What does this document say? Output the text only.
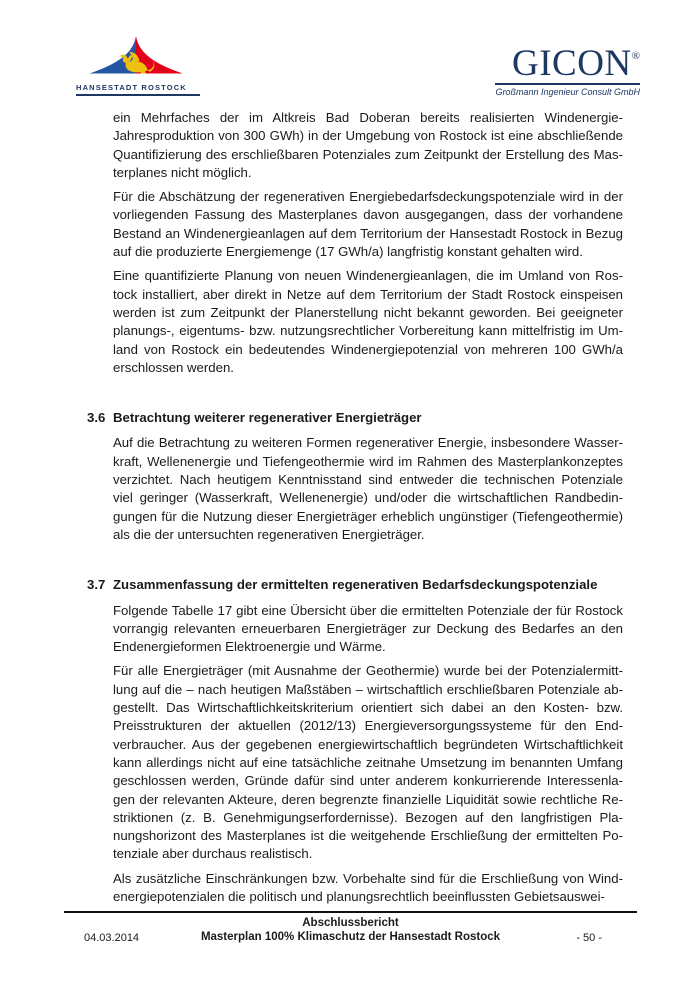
HANSESTADT ROSTOCK
GICON®
Großmann Ingenieur Consult GmbH
ein Mehrfaches der im Altkreis Bad Doberan bereits realisierten Windenergie-
Jahresproduktion von 300 GWh) in der Umgebung von Rostock ist eine abschließende
Quantifizierung des erschließbaren Potenziales zum Zeitpunkt der Erstellung des Mas-
terplanes nicht möglich.
Für die Abschätzung der regenerativen Energiebedarfsdeckungspotenziale wird in der
vorliegenden Fassung des Masterplanes davon ausgegangen, dass der vorhandene
Bestand an Windenergieanlagen auf dem Territorium der Hansestadt Rostock in Bezug
auf die produzierte Energiemenge (17 GWh/a) langfristig konstant gehalten wird.
Eine quantifizierte Planung von neuen Windenergieanlagen, die im Umland von Ros-
tock installiert, aber direkt in Netze auf dem Territorium der Stadt Rostock einspeisen
werden ist zum Zeitpunkt der Planerstellung nicht bekannt geworden. Bei geeigneter
planungs-, eigentums- bzw. nutzungsrechtlicher Vorbereitung kann mittelfristig im Um-
land von Rostock ein bedeutendes Windenergiepotenzial von mehreren 100 GWh/a
erschlossen werden.
3.6 Betrachtung weiterer regenerativer Energieträger
Auf die Betrachtung zu weiteren Formen regenerativer Energie, insbesondere Wasser-
kraft, Wellenenergie und Tiefengeothermie wird im Rahmen des Masterplankonzeptes
verzichtet. Nach heutigem Kenntnisstand sind entweder die technischen Potenziale
viel geringer (Wasserkraft, Wellenenergie) und/oder die wirtschaftlichen Randbedin-
gungen für die Nutzung dieser Energieträger erheblich ungünstiger (Tiefengeothermie)
als die der untersuchten regenerativen Energieträger.
3.7 Zusammenfassung der ermittelten regenerativen Bedarfsdeckungspotenziale
Folgende Tabelle 17 gibt eine Übersicht über die ermittelten Potenziale der für Rostock
vorrangig relevanten erneuerbaren Energieträger zur Deckung des Bedarfes an den
Endenergieformen Elektroenergie und Wärme.
Für alle Energieträger (mit Ausnahme der Geothermie) wurde bei der Potenzialermitt-
lung auf die – nach heutigen Maßstäben – wirtschaftlich erschließbaren Potenziale ab-
gestellt. Das Wirtschaftlichkeitskriterium orientiert sich dabei an den Kosten- bzw.
Preisstrukturen der aktuellen (2012/13) Energieversorgungssysteme für den End-
verbraucher. Aus der gegebenen energiewirtschaftlich begründeten Wirtschaftlichkeit
kann allerdings nicht auf eine tatsächliche zeitnahe Umsetzung im benannten Umfang
geschlossen werden, Gründe dafür sind unter anderem konkurrierende Interessenla-
gen der relevanten Akteure, deren begrenzte finanzielle Liquidität sowie rechtliche Re-
striktionen (z. B. Genehmigungserfordernisse). Bezogen auf den langfristigen Pla-
nungshorizont des Masterplanes ist die weitgehende Erschließung der ermittelten Po-
tenziale aber durchaus realistisch.
Als zusätzliche Einschränkungen bzw. Vorbehalte sind für die Erschließung von Wind-
energiepotenzialen die politisch und planungsrechtlich beeinflussten Gebietsauswei-
04.03.2014
Abschlussbericht
Masterplan 100% Klimaschutz der Hansestadt Rostock	- 50 -
